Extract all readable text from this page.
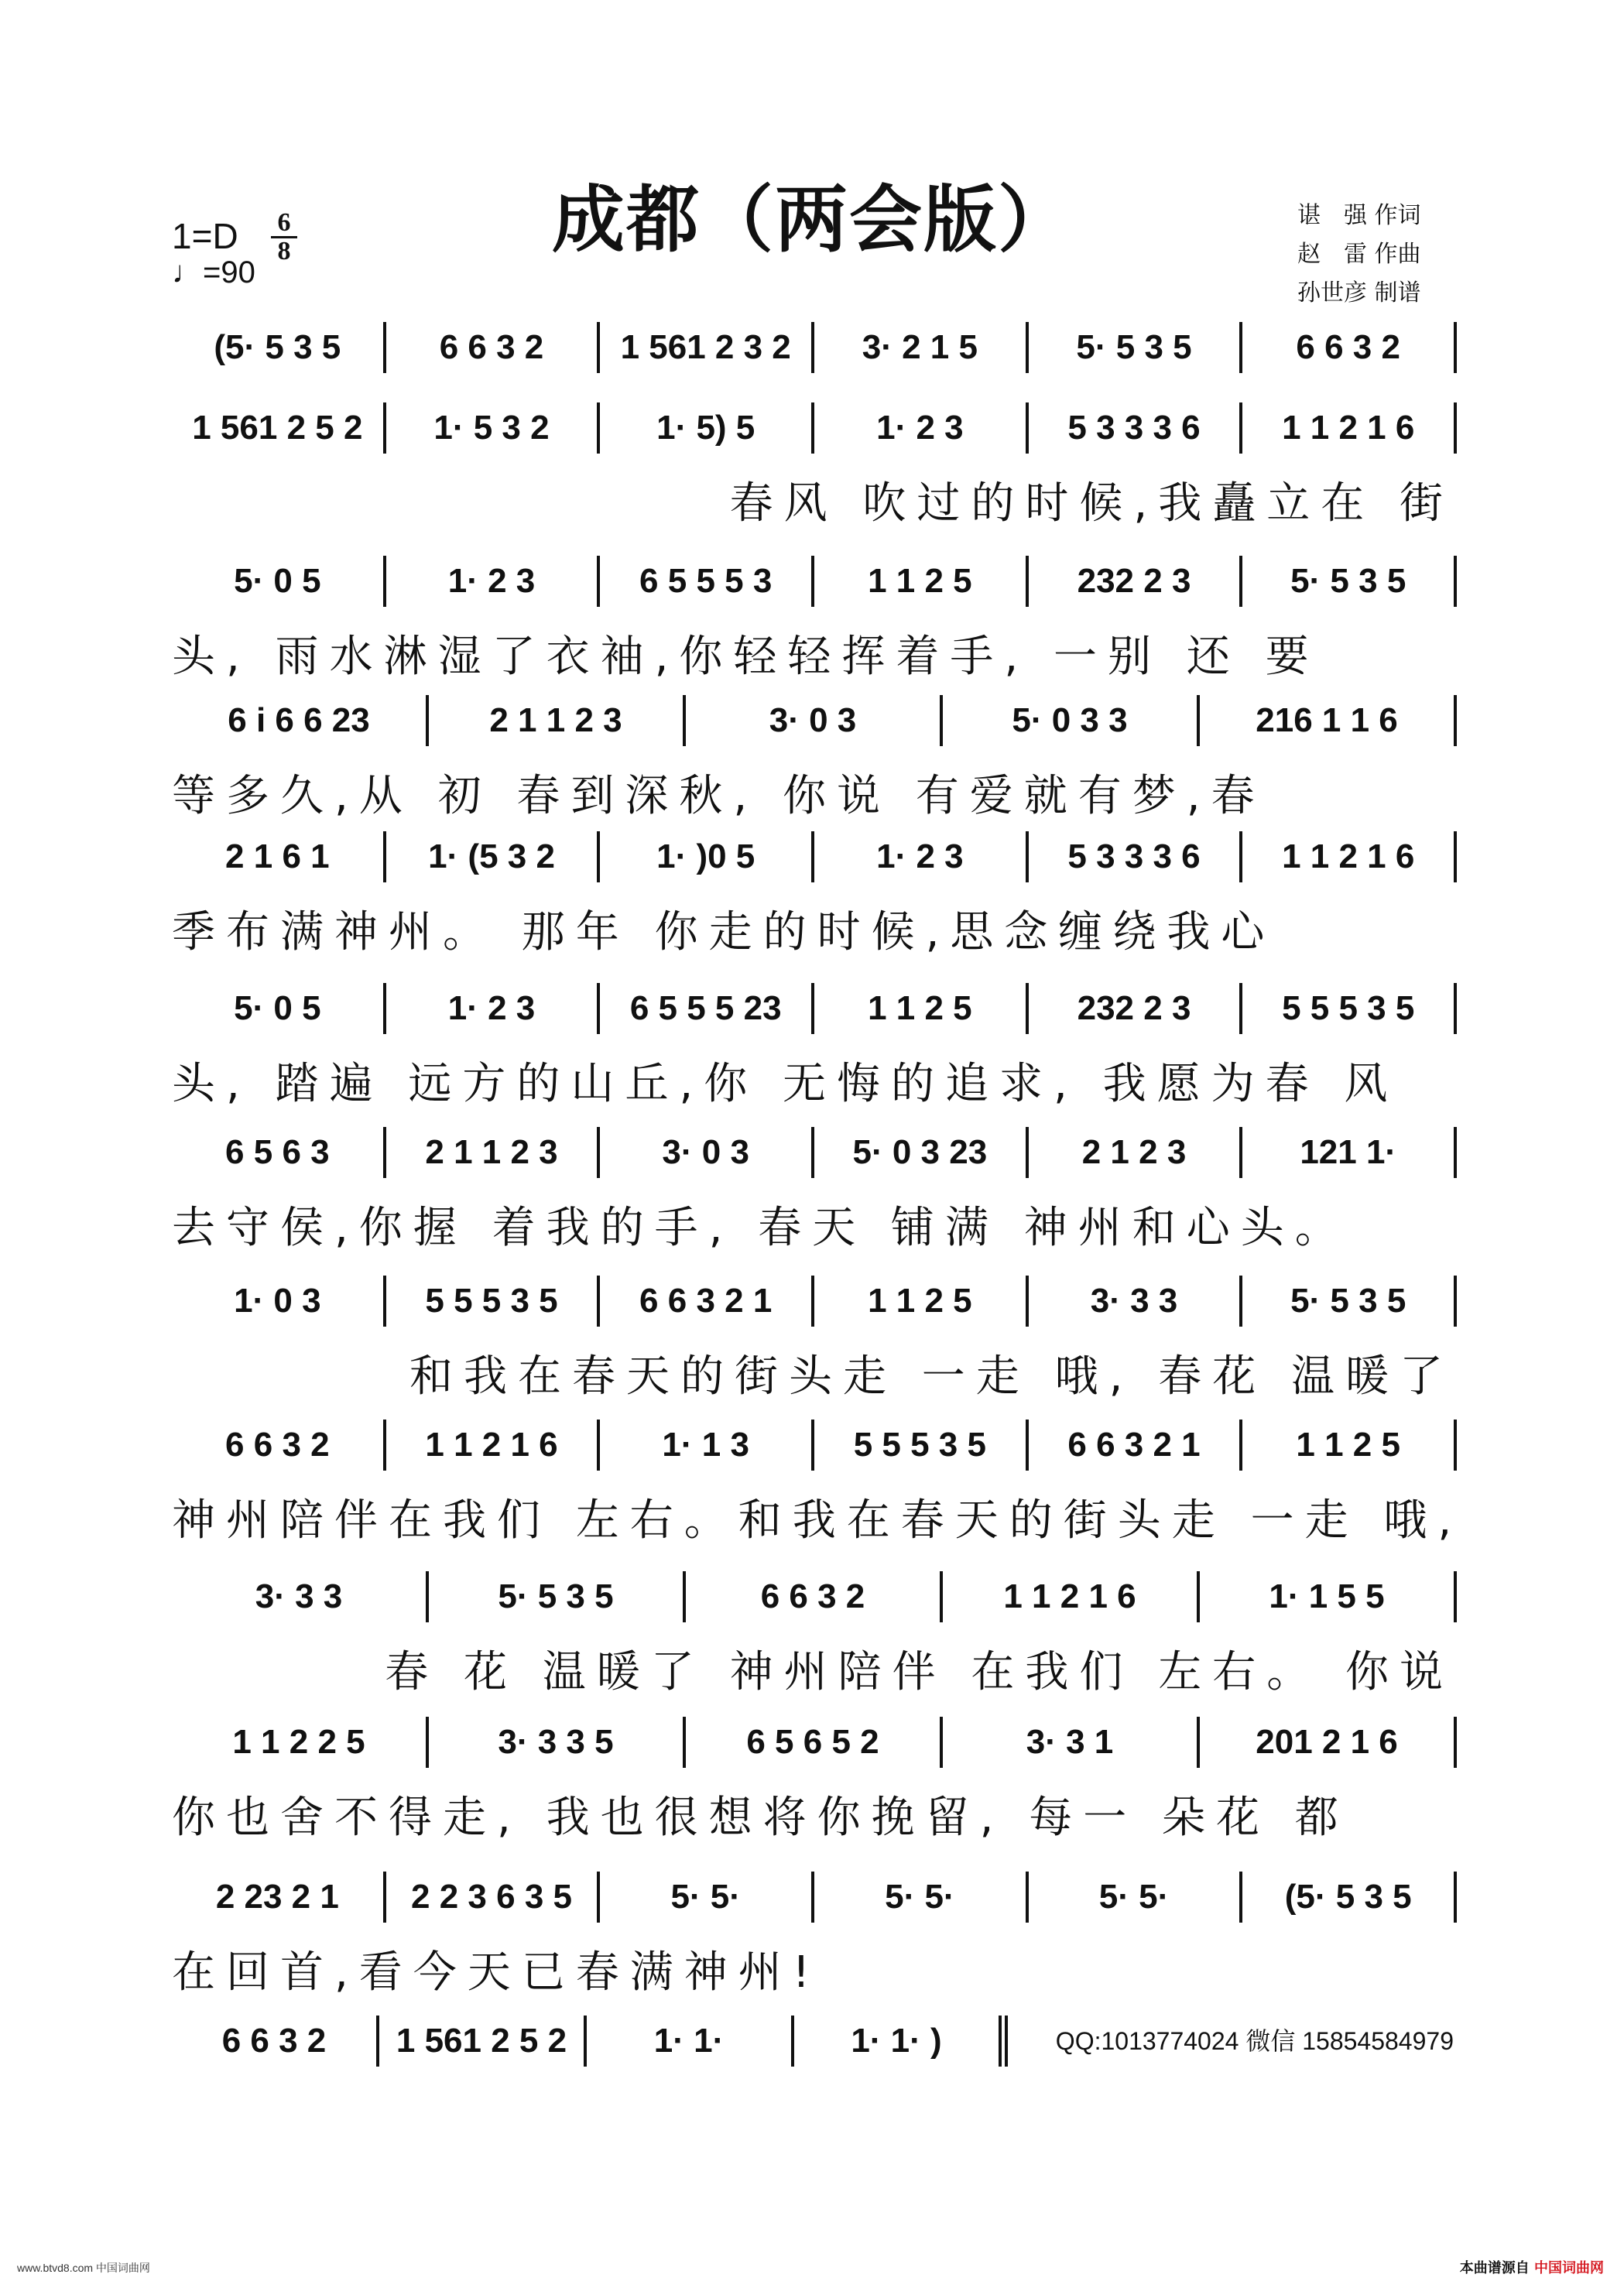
成都（两会版）
1=D 6
8
♩=90
谌　强 作词
赵　雷 作曲
孙世彦 制谱
(5· 5 3 5	6 6 3 2	1 561 2 3 2	3· 2 1 5	5· 5 3 5	6 6 3 2
1 561 2 5 2	1· 5 3 2	1· 5) 5	1· 2 3	5 3 3 3 6	1 1 2 1 6
春风 吹过的时候,我矗立在 街
5· 0 5	1· 2 3	6 5 5 5 3	1 1 2 5	232 2 3	5· 5 3 5
头, 雨水淋湿了衣袖,你轻轻挥着手, 一别 还 要
6 i 6 6 23	2 1 1 2 3	3· 0 3	5· 0 3 3	216 1 1 6
等多久,从 初 春到深秋, 你说 有爱就有梦,春
2 1 6 1	1· (5 3 2	1· )0 5	1· 2 3	5 3 3 3 6	1 1 2 1 6
季布满神州。 那年 你走的时候,思念缠绕我心
5· 0 5	1· 2 3	6 5 5 5 23	1 1 2 5	232 2 3	5 5 5 3 5
头, 踏遍 远方的山丘,你 无悔的追求, 我愿为春 风
6 5 6 3	2 1 1 2 3	3· 0 3	5· 0 3 23	2 1 2 3	121 1·
去守侯,你握 着我的手, 春天 铺满 神州和心头。
1· 0 3	5 5 5 3 5	6 6 3 2 1	1 1 2 5	3· 3 3	5· 5 3 5
和我在春天的街头走 一走 哦, 春花 温暖了
6 6 3 2	1 1 2 1 6	1· 1 3	5 5 5 3 5	6 6 3 2 1	1 1 2 5
神州陪伴在我们 左右。和我在春天的街头走 一走 哦,
3· 3 3	5· 5 3 5	6 6 3 2	1 1 2 1 6	1· 1 5 5
春 花 温暖了 神州陪伴 在我们 左右。 你说
1 1 2 2 5	3· 3 3 5	6 5 6 5 2	3· 3 1	201 2 1 6
你也舍不得走, 我也很想将你挽留, 每一 朵花 都
2 23 2 1	2 2 3 6 3 5	5· 5·	5· 5·	5· 5·	(5· 5 3 5
在回首,看今天已春满神州!
6 6 3 2	1 561 2 5 2	1· 1·	1· 1· )	QQ:1013774024 微信 15854584979
www.btvd8.com 中国词曲网	本曲谱源自 中国词曲网
